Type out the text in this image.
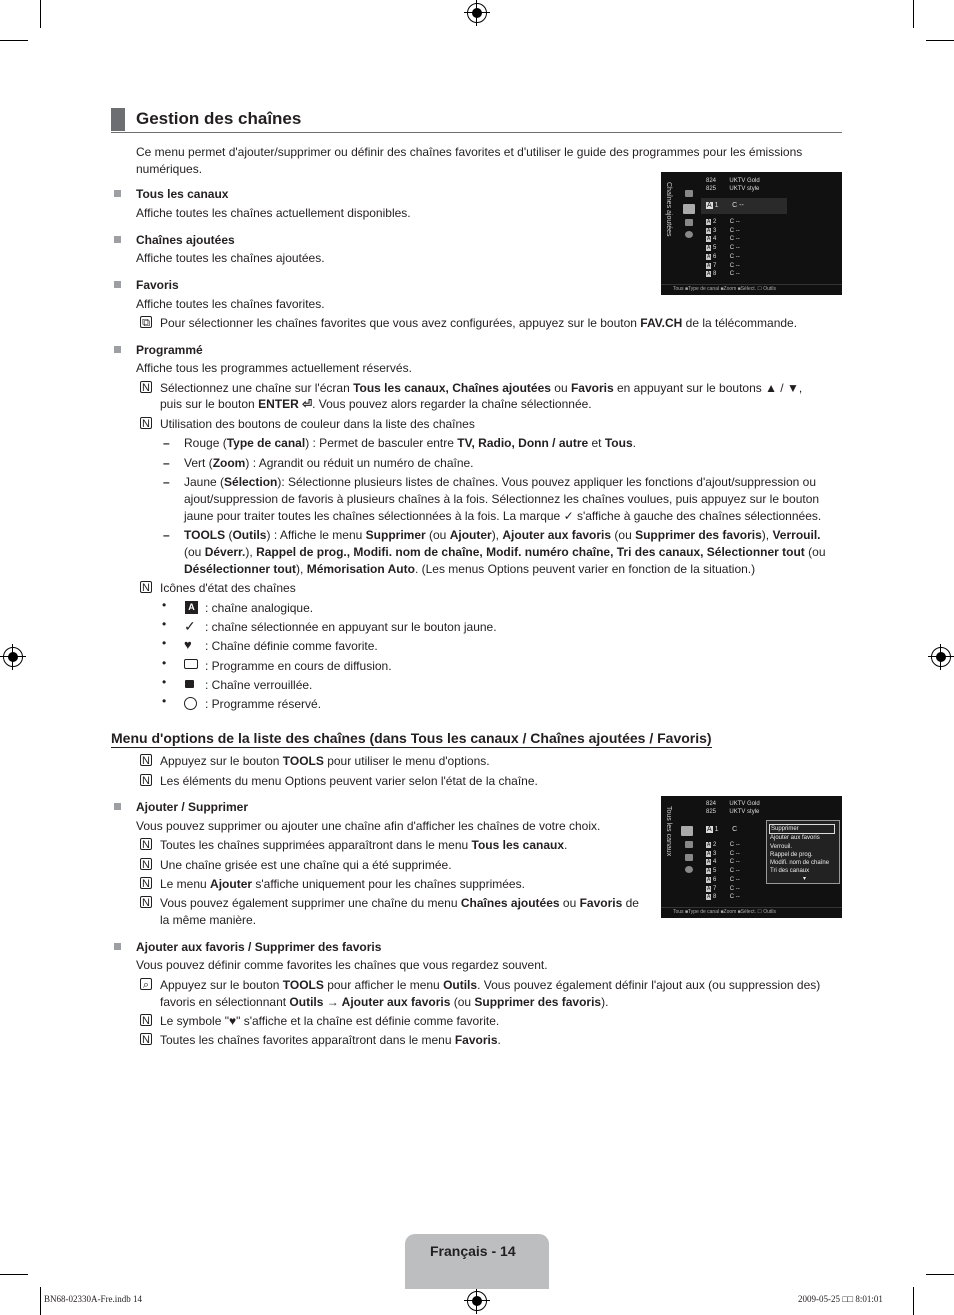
Gestion des chaînes
Ce menu permet d'ajouter/supprimer ou définir des chaînes favorites et d'utiliser le guide des programmes pour les émissions numériques.
Tous les canaux
Affiche toutes les chaînes actuellement disponibles.
Chaînes ajoutées
Affiche toutes les chaînes ajoutées.
Favoris
Affiche toutes les chaînes favorites.
⧉ Pour sélectionner les chaînes favorites que vous avez configurées, appuyez sur le bouton FAV.CH de la télécommande.
Chaînes ajoutées
824 UKTV Gold
825 UKTV style
A 1 C --
A 2 C --
A 3 C --
A 4 C --
A 5 C --
A 6 C --
A 7 C --
A 8 C --
Tous ■Type de canal ■Zoom ■Sélect. ☐ Outils
Programmé
Affiche tous les programmes actuellement réservés.
N Sélectionnez une chaîne sur l'écran Tous les canaux, Chaînes ajoutées ou Favoris en appuyant sur le boutons ▲ / ▼,
puis sur le bouton ENTER ⏎. Vous pouvez alors regarder la chaîne sélectionnée.
N Utilisation des boutons de couleur dans la liste des chaînes
– Rouge (Type de canal) : Permet de basculer entre TV, Radio, Donn / autre et Tous.
– Vert (Zoom) : Agrandit ou réduit un numéro de chaîne.
– Jaune (Sélection): Sélectionne plusieurs listes de chaînes. Vous pouvez appliquer les fonctions d'ajout/suppression ou
ajout/suppression de favoris à plusieurs chaînes à la fois. Sélectionnez les chaînes voulues, puis appuyez sur le bouton
jaune pour traiter toutes les chaînes sélectionnées à la fois. La marque ✓ s'affiche à gauche des chaînes sélectionnées.
– TOOLS (Outils) : Affiche le menu Supprimer (ou Ajouter), Ajouter aux favoris (ou Supprimer des favoris), Verrouil.
(ou Déverr.), Rappel de prog., Modifi. nom de chaîne, Modif. numéro chaîne, Tri des canaux, Sélectionner tout (ou
Désélectionner tout), Mémorisation Auto. (Les menus Options peuvent varier en fonction de la situation.)
N Icônes d'état des chaînes
•	A : chaîne analogique.
• ✓ : chaîne sélectionnée en appuyant sur le bouton jaune.
• ♥ : Chaîne définie comme favorite.
•	: Programme en cours de diffusion.
•	: Chaîne verrouillée.
•	: Programme réservé.
Menu d'options de la liste des chaînes (dans Tous les canaux / Chaînes ajoutées / Favoris)
N Appuyez sur le bouton TOOLS pour utiliser le menu d'options.
N Les éléments du menu Options peuvent varier selon l'état de la chaîne.
Ajouter / Supprimer
Vous pouvez supprimer ou ajouter une chaîne afin d'afficher les chaînes de votre choix.
N Toutes les chaînes supprimées apparaîtront dans le menu Tous les canaux.
N Une chaîne grisée est une chaîne qui a été supprimée.
N Le menu Ajouter s'affiche uniquement pour les chaînes supprimées.
N Vous pouvez également supprimer une chaîne du menu Chaînes ajoutées ou Favoris de
la même manière.
Tous les canaux
824 UKTV Gold
825 UKTV style
A 1 C
A 2 C --
A 3 C --
A 4 C --
A 5 C --
A 6 C --
A 7 C --
A 8 C --
Supprimer
Ajouter aux favoris
Verrouil.
Rappel de prog.
Modifi. nom de chaîne
Tri des canaux
▾
Tous ■Type de canal ■Zoom ■Sélect. ☐ Outils
Ajouter aux favoris / Supprimer des favoris
Vous pouvez définir comme favorites les chaînes que vous regardez souvent.
⌕ Appuyez sur le bouton TOOLS pour afficher le menu Outils. Vous pouvez également définir l'ajout aux (ou suppression des)
favoris en sélectionnant Outils → Ajouter aux favoris (ou Supprimer des favoris).
N Le symbole "♥" s'affiche et la chaîne est définie comme favorite.
N Toutes les chaînes favorites apparaîtront dans le menu Favoris.
Français - 14
BN68-02330A-Fre.indb 14	2009-05-25 □□ 8:01:01
